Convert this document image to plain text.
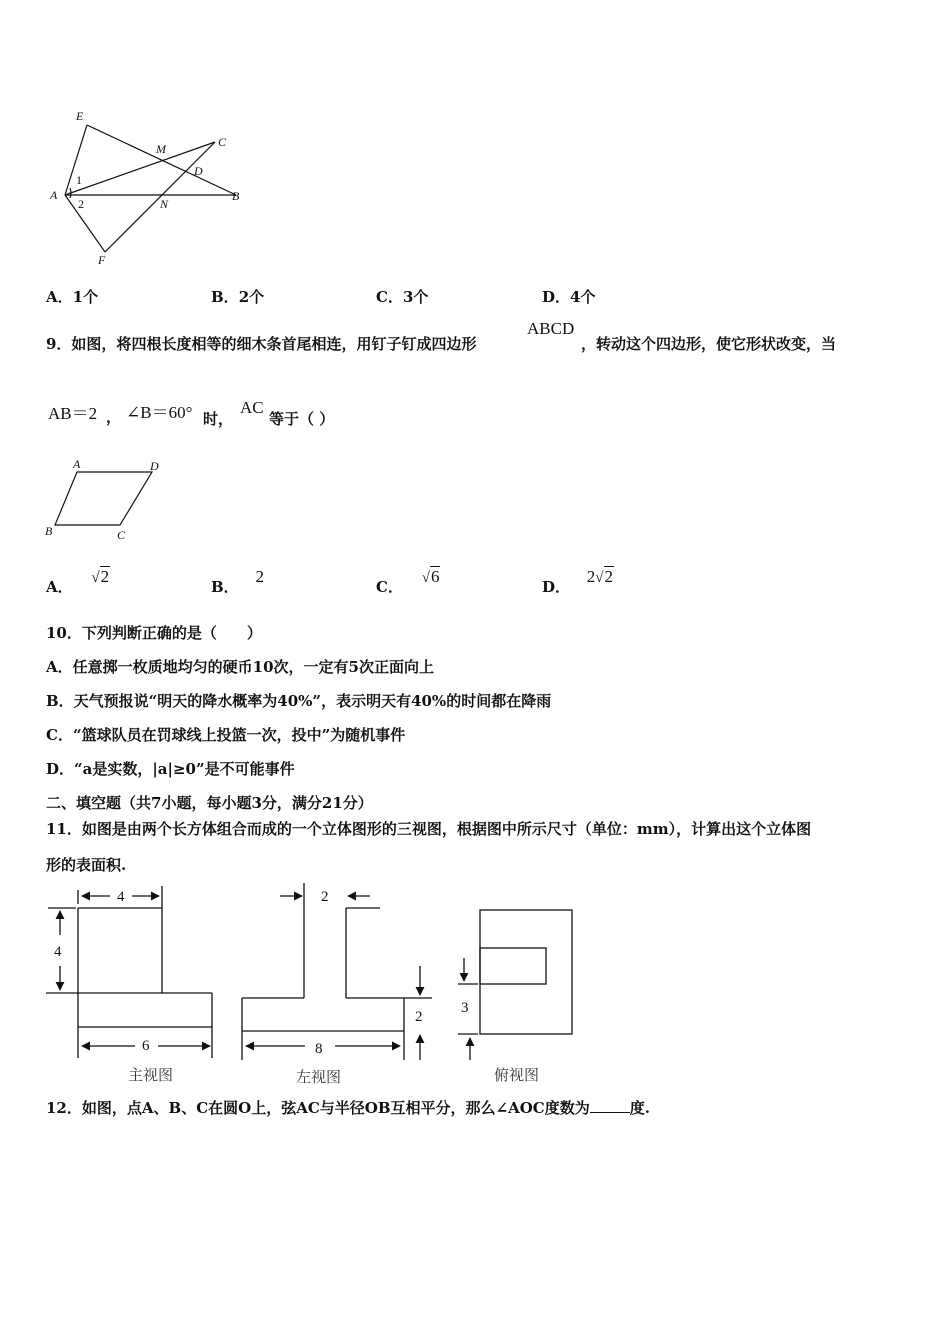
E
M	C
D
1
A
2	N
B
F
A．1个	B．2个	C．3个	D．4个
9．如图，将四根长度相等的细木条首尾相连，用钉子钉成四边形
ABCD
，转动这个四边形，使它形状改变，当
AB＝2 ， ∠B＝60° 时，
AC
等于（ ）
A	D
B	C
A． √2
B． 2
C． √6
D． 2√2
10．下列判断正确的是（　　）
A．任意掷一枚质地均匀的硬币10次，一定有5次正面向上
B．天气预报说“明天的降水概率为40%”，表示明天有40%的时间都在降雨
C．“篮球队员在罚球线上投篮一次，投中”为随机事件
D．“a是实数，|a|≥0”是不可能事件
二、填空题（共7小题，每小题3分，满分21分）
11．如图是由两个长方体组合而成的一个立体图形的三视图，根据图中所示尺寸（单位：mm），计算出这个立体图
形的表面积.
4
4
6
2
2
8
3
主视图	左视图	俯视图
12．如图，点A、B、C在圆O上，弦AC与半径OB互相平分，那么∠AOC度数为	度.
